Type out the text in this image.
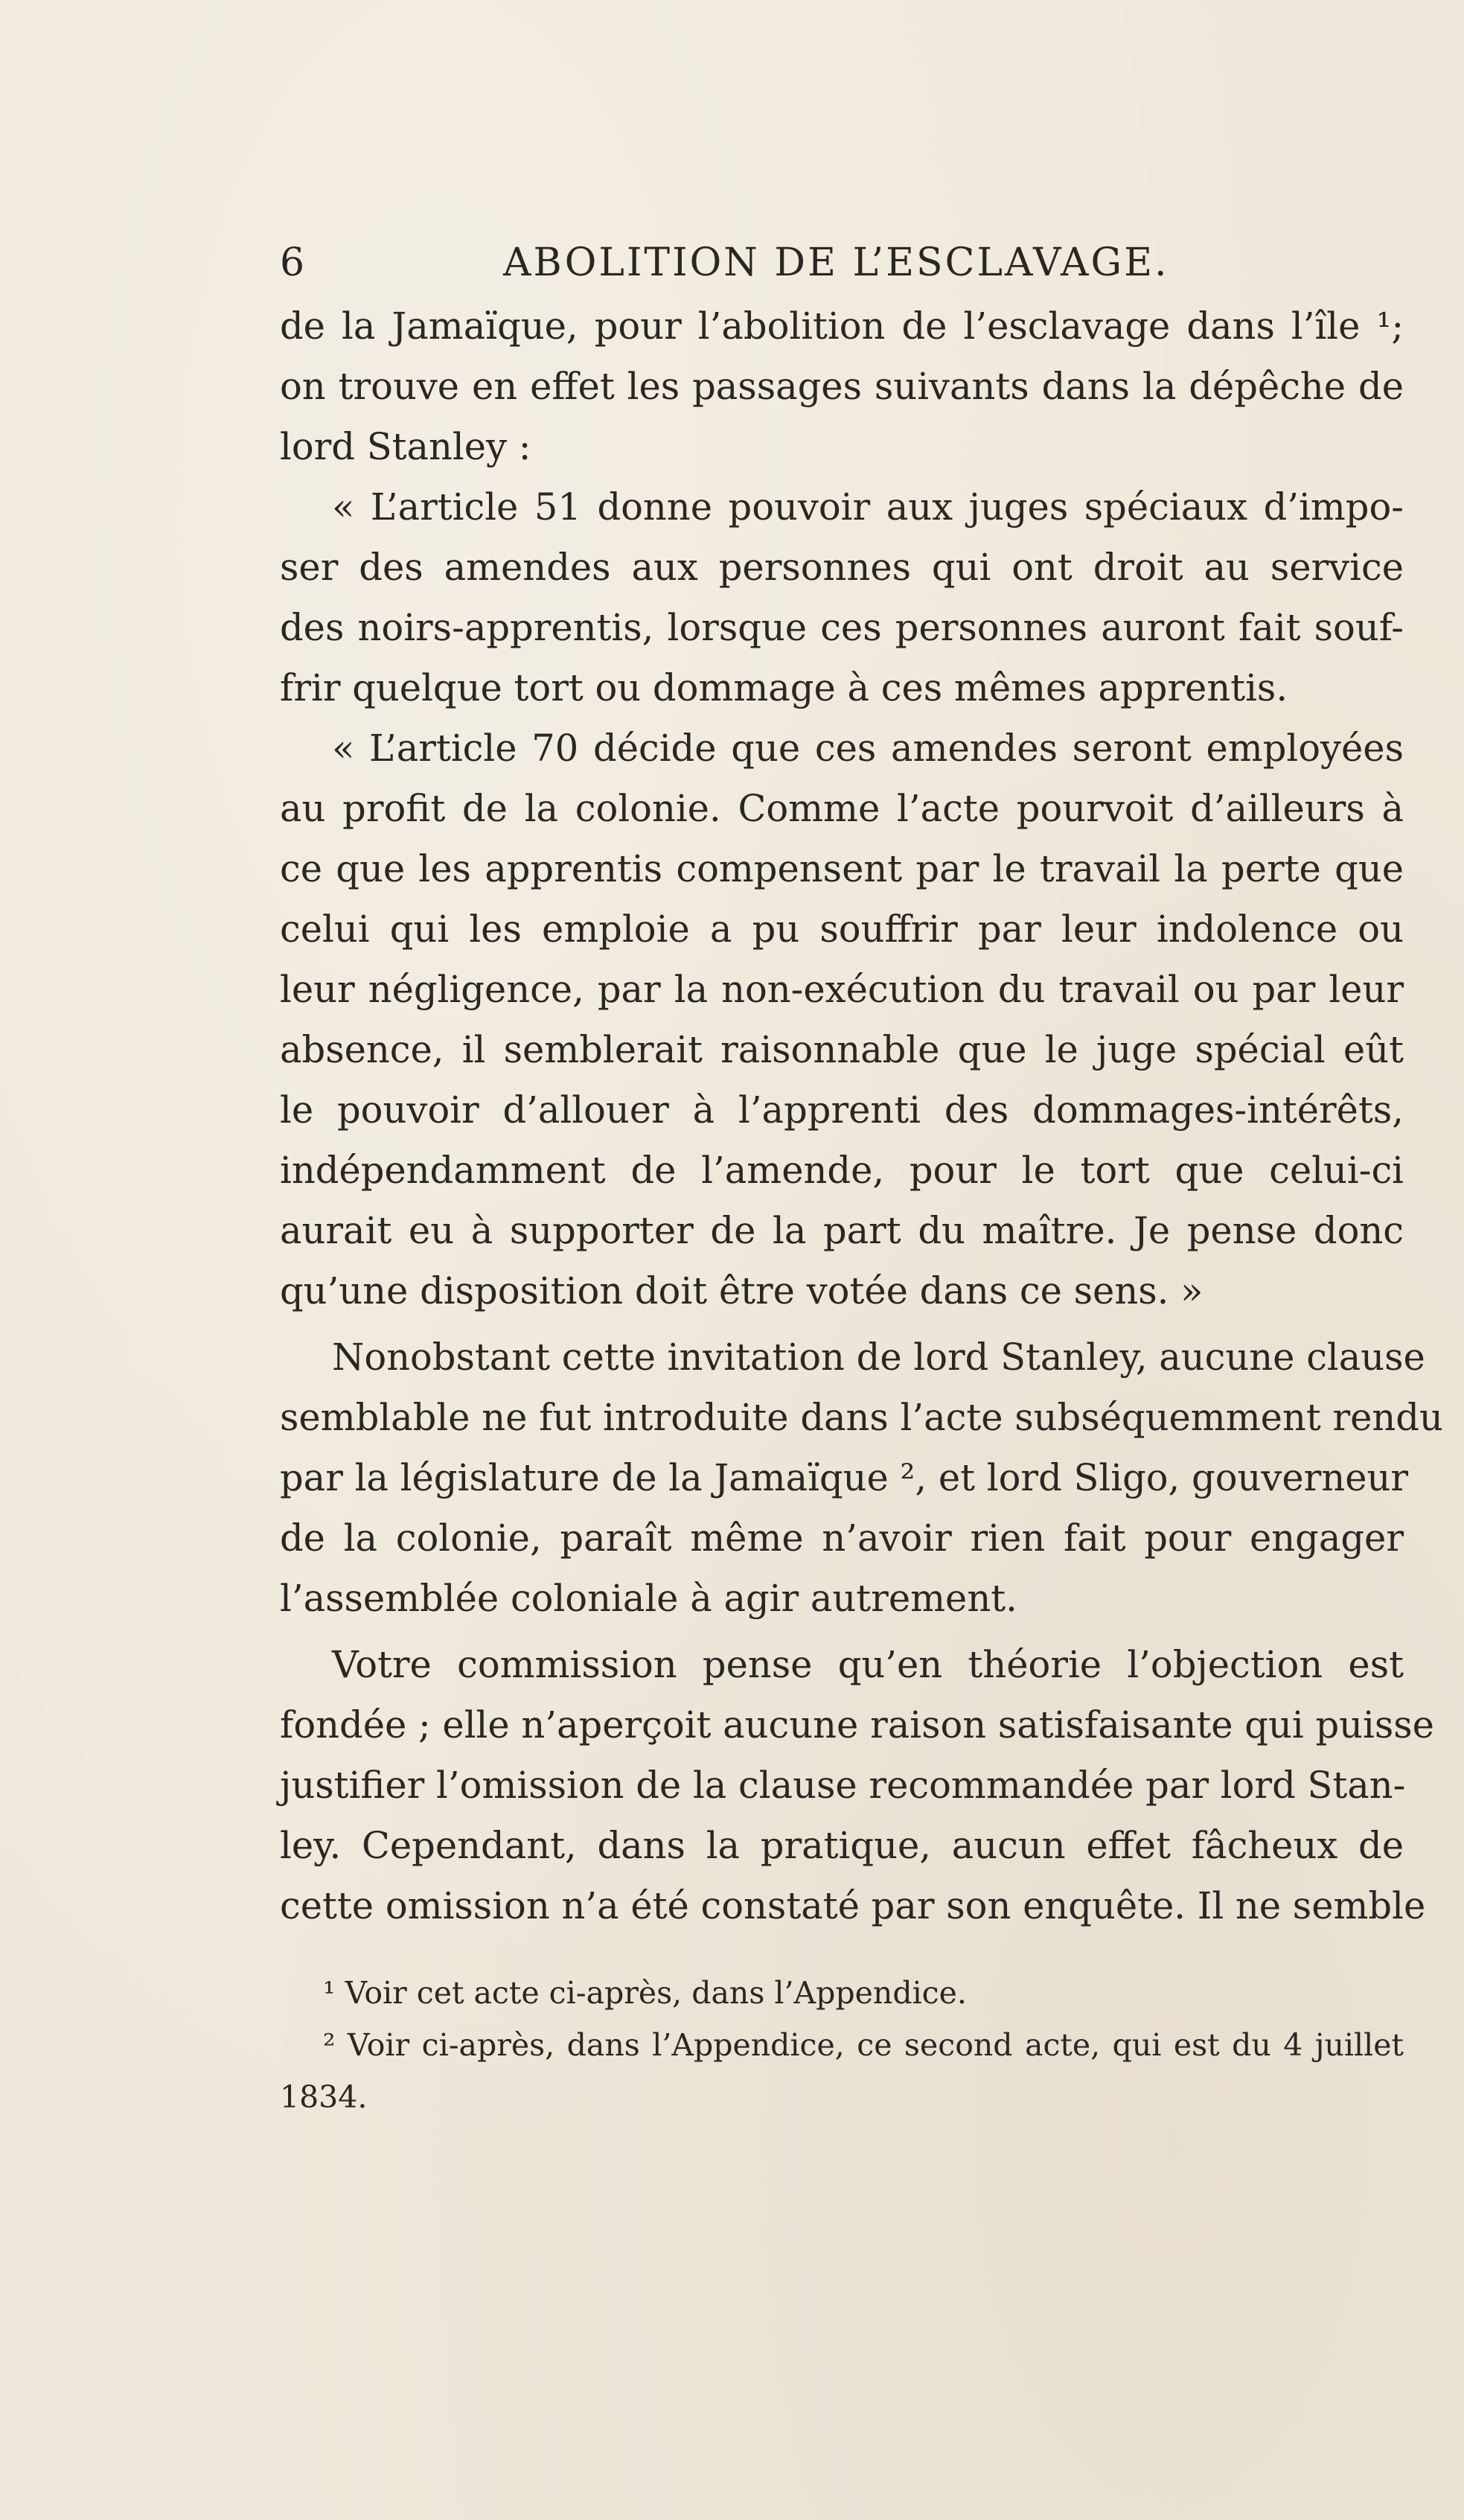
6	ABOLITION DE L’ESCLAVAGE.
de la Jamaïque, pour l’abolition de l’esclavage dans l’île ¹;
on trouve en effet les passages suivants dans la dépêche de
lord Stanley :
« L’article 51 donne pouvoir aux juges spéciaux d’impo-
ser des amendes aux personnes qui ont droit au service
des noirs-apprentis, lorsque ces personnes auront fait souf-
frir quelque tort ou dommage à ces mêmes apprentis.
« L’article 70 décide que ces amendes seront employées
au profit de la colonie. Comme l’acte pourvoit d’ailleurs à
ce que les apprentis compensent par le travail la perte que
celui qui les emploie a pu souffrir par leur indolence ou
leur négligence, par la non-exécution du travail ou par leur
absence, il semblerait raisonnable que le juge spécial eût
le pouvoir d’allouer à l’apprenti des dommages-intérêts,
indépendamment de l’amende, pour le tort que celui-ci
aurait eu à supporter de la part du maître. Je pense donc
qu’une disposition doit être votée dans ce sens. »
Nonobstant cette invitation de lord Stanley, aucune clause
semblable ne fut introduite dans l’acte subséquemment rendu
par la législature de la Jamaïque ², et lord Sligo, gouverneur
de la colonie, paraît même n’avoir rien fait pour engager
l’assemblée coloniale à agir autrement.
Votre commission pense qu’en théorie l’objection est
fondée ; elle n’aperçoit aucune raison satisfaisante qui puisse
justifier l’omission de la clause recommandée par lord Stan-
ley. Cependant, dans la pratique, aucun effet fâcheux de
cette omission n’a été constaté par son enquête. Il ne semble
¹ Voir cet acte ci-après, dans l’Appendice.
² Voir ci-après, dans l’Appendice, ce second acte, qui est du 4 juillet
1834.
